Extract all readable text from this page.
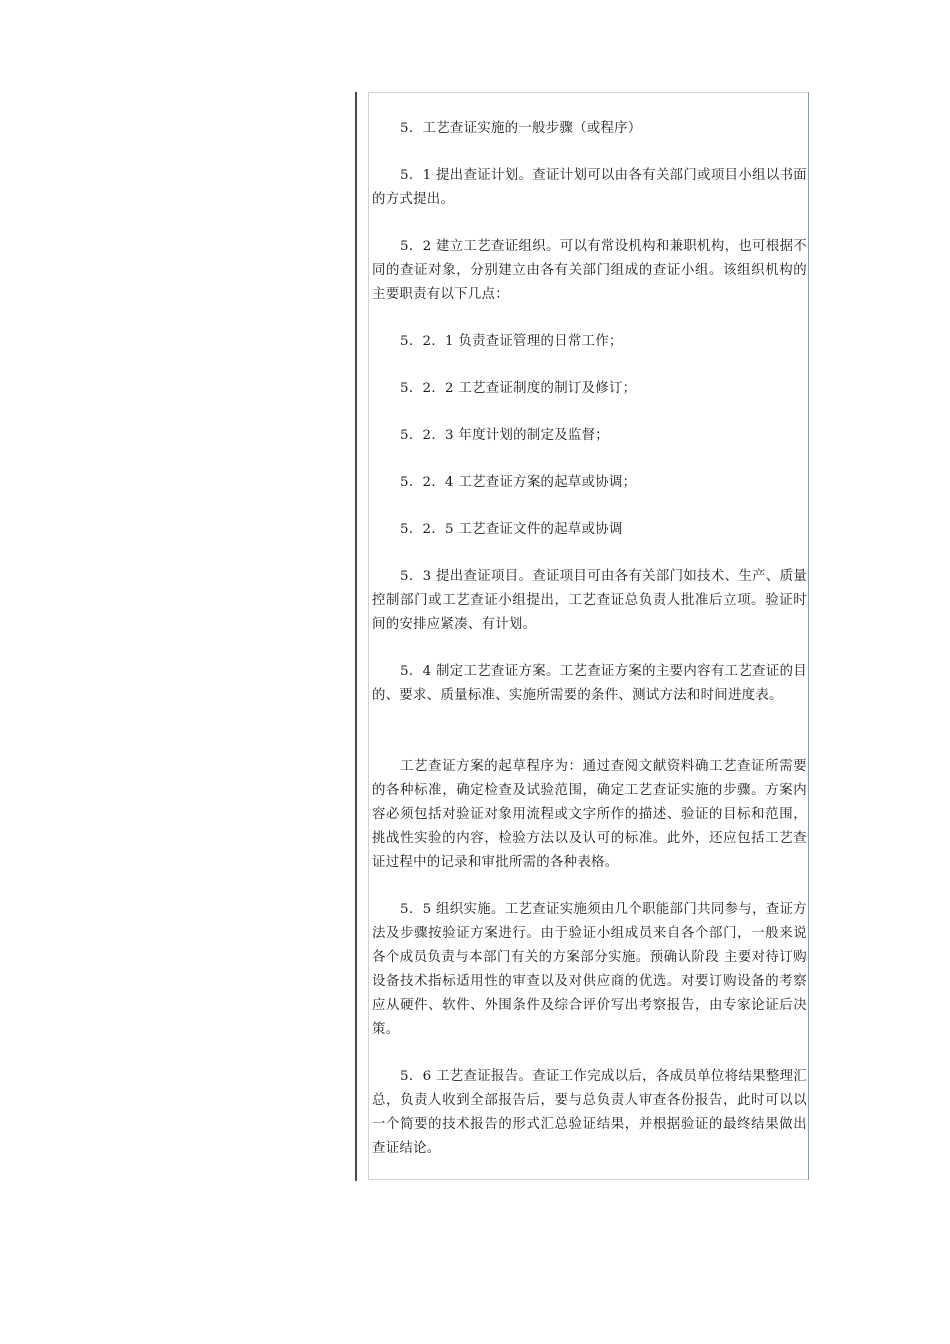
5．工艺查证实施的一般步骤（或程序）

5．1 提出查证计划。查证计划可以由各有关部门或项目小组以书面的方式提出。

5．2 建立工艺查证组织。可以有常设机构和兼职机构，也可根据不同的查证对象，分别建立由各有关部门组成的查证小组。该组织机构的主要职责有以下几点：

5．2．1 负责查证管理的日常工作；

5．2．2 工艺查证制度的制订及修订；

5．2．3 年度计划的制定及监督；

5．2．4 工艺查证方案的起草或协调；

5．2．5 工艺查证文件的起草或协调

5．3 提出查证项目。查证项目可由各有关部门如技术、生产、质量控制部门或工艺查证小组提出，工艺查证总负责人批准后立项。验证时间的安排应紧凑、有计划。

5．4 制定工艺查证方案。工艺查证方案的主要内容有工艺查证的目的、要求、质量标准、实施所需要的条件、测试方法和时间进度表。

工艺查证方案的起草程序为：通过查阅文献资料确工艺查证所需要的各种标准，确定检查及试验范围，确定工艺查证实施的步骤。方案内容必须包括对验证对象用流程或文字所作的描述、验证的目标和范围，挑战性实验的内容，检验方法以及认可的标准。此外，还应包括工艺查证过程中的记录和审批所需的各种表格。

5．5 组织实施。工艺查证实施须由几个职能部门共同参与，查证方法及步骤按验证方案进行。由于验证小组成员来自各个部门，一般来说各个成员负责与本部门有关的方案部分实施。预确认阶段 主要对待订购设备技术指标适用性的审查以及对供应商的优选。对要订购设备的考察应从硬件、软件、外围条件及综合评价写出考察报告，由专家论证后决策。

5．6 工艺查证报告。查证工作完成以后，各成员单位将结果整理汇总，负责人收到全部报告后，要与总负责人审查各份报告，此时可以以一个简要的技术报告的形式汇总验证结果，并根据验证的最终结果做出查证结论。
